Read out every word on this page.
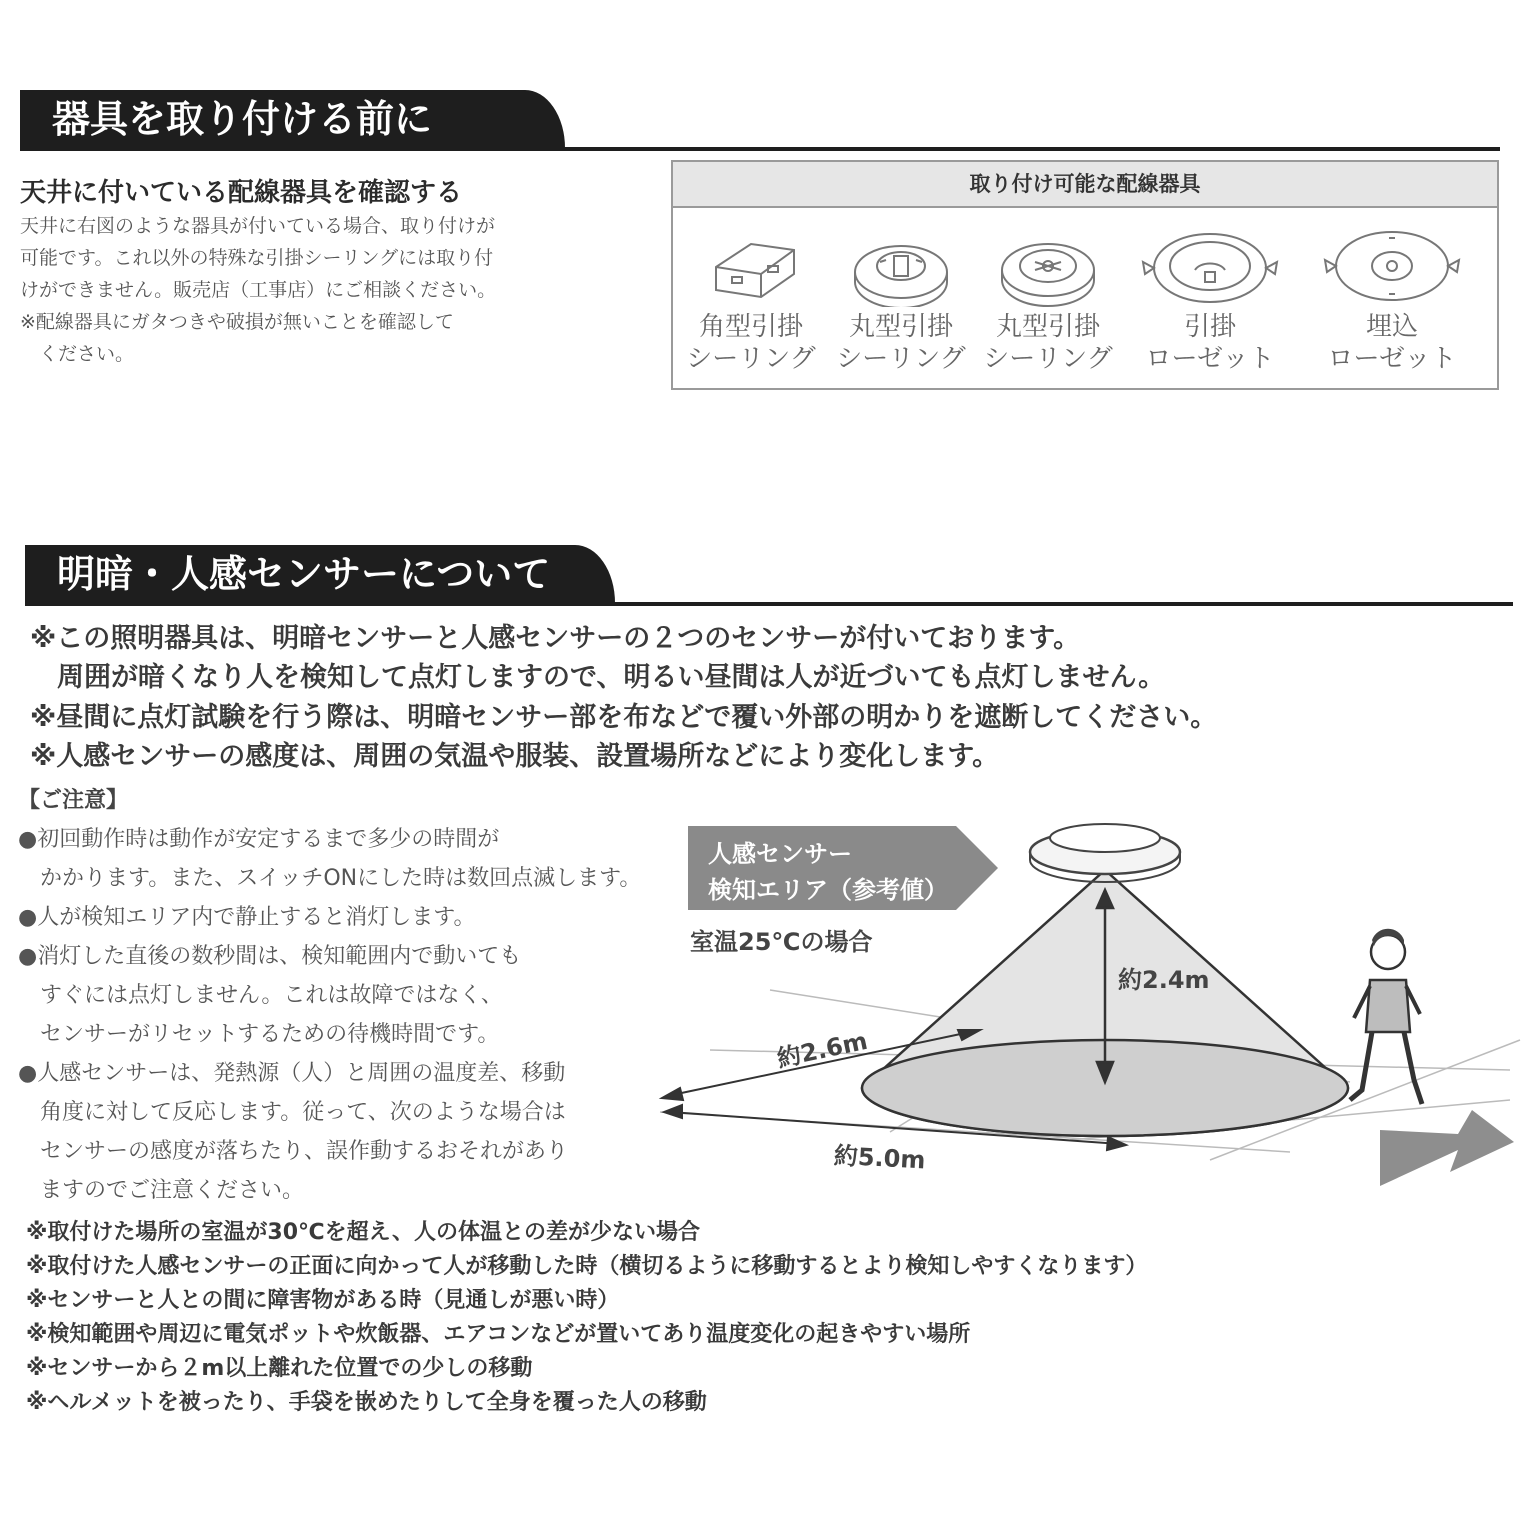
器具を取り付ける前に
天井に付いている配線器具を確認する
天井に右図のような器具が付いている場合、取り付けが
可能です。これ以外の特殊な引掛シーリングには取り付
けができません。販売店（工事店）にご相談ください。
※配線器具にガタつきや破損が無いことを確認して
　ください。
取り付け可能な配線器具
角型引掛
シーリング
丸型引掛
シーリング
丸型引掛
シーリング
引掛
ローゼット
埋込
ローゼット
明暗・人感センサーについて
※この照明器具は、明暗センサーと人感センサーの２つのセンサーが付いております。
　周囲が暗くなり人を検知して点灯しますので、明るい昼間は人が近づいても点灯しません。
※昼間に点灯試験を行う際は、明暗センサー部を布などで覆い外部の明かりを遮断してください。
※人感センサーの感度は、周囲の気温や服装、設置場所などにより変化します。
【ご注意】
●初回動作時は動作が安定するまで多少の時間が
　かかります。また、スイッチONにした時は数回点滅します。
●人が検知エリア内で静止すると消灯します。
●消灯した直後の数秒間は、検知範囲内で動いても
　すぐには点灯しません。これは故障ではなく、
　センサーがリセットするための待機時間です。
●人感センサーは、発熱源（人）と周囲の温度差、移動
　角度に対して反応します。従って、次のような場合は
　センサーの感度が落ちたり、誤作動するおそれがあり
　ますのでご注意ください。
人感センサー
検知エリア（参考値）
室温25℃の場合
約2.4m
約2.6m
約5.0m
※取付けた場所の室温が30℃を超え、人の体温との差が少ない場合
※取付けた人感センサーの正面に向かって人が移動した時（横切るように移動するとより検知しやすくなります）
※センサーと人との間に障害物がある時（見通しが悪い時）
※検知範囲や周辺に電気ポットや炊飯器、エアコンなどが置いてあり温度変化の起きやすい場所
※センサーから２m以上離れた位置での少しの移動
※ヘルメットを被ったり、手袋を嵌めたりして全身を覆った人の移動
